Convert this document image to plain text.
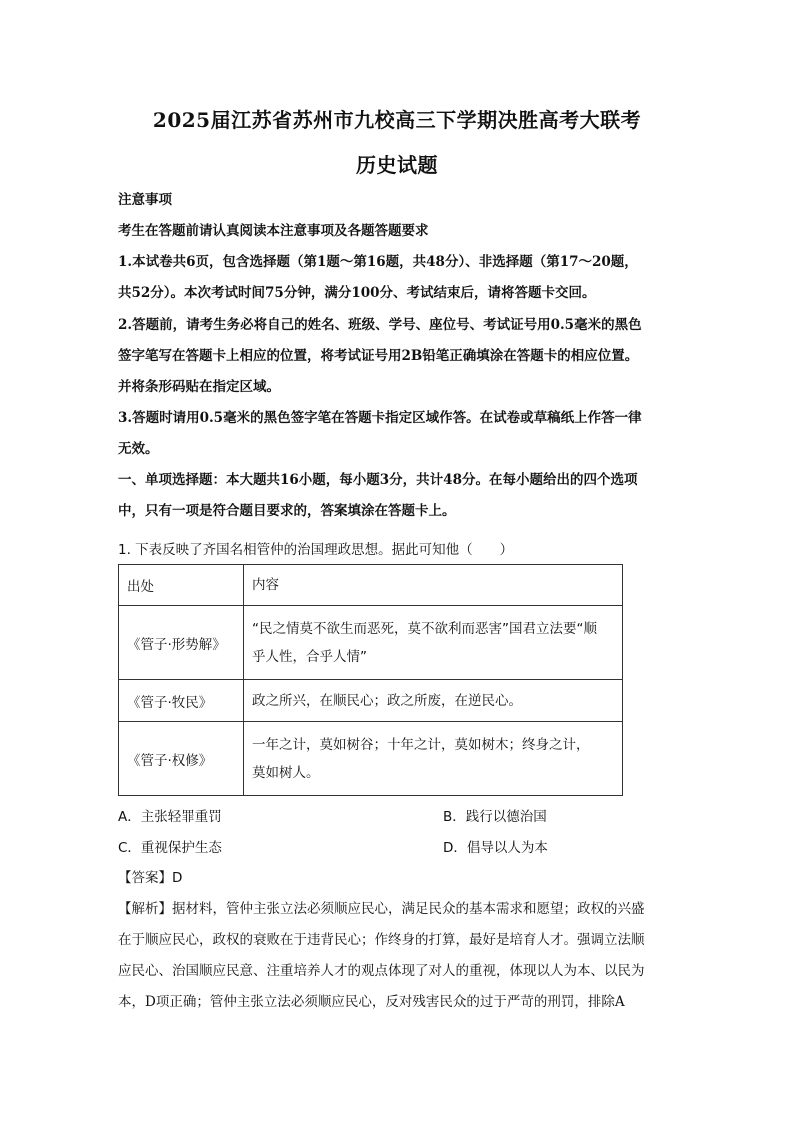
2025届江苏省苏州市九校高三下学期决胜高考大联考
历史试题
注意事项
考生在答题前请认真阅读本注意事项及各题答题要求
1.本试卷共6页，包含选择题（第1题～第16题，共48分）、非选择题（第17～20题，
共52分）。本次考试时间75分钟，满分100分、考试结束后，请将答题卡交回。
2.答题前，请考生务必将自己的姓名、班级、学号、座位号、考试证号用0.5毫米的黑色
签字笔写在答题卡上相应的位置，将考试证号用2B铅笔正确填涂在答题卡的相应位置。
并将条形码贴在指定区域。
3.答题时请用0.5毫米的黑色签字笔在答题卡指定区域作答。在试卷或草稿纸上作答一律
无效。
一、单项选择题：本大题共16小题，每小题3分，共计48分。在每小题给出的四个选项
中，只有一项是符合题目要求的，答案填涂在答题卡上。
1. 下表反映了齐国名相管仲的治国理政思想。据此可知他（　　）
出处	内容
《管子·形势解》	“民之情莫不欲生而恶死，莫不欲利而恶害”国君立法要“顺
乎人性，合乎人情”

《管子·牧民》	政之所兴，在顺民心；政之所废，在逆民心。
《管子·权修》	一年之计，莫如树谷；十年之计，莫如树木；终身之计，
莫如树人。
A．主张轻罪重罚	B．践行以德治国
C．重视保护生态	D．倡导以人为本
【答案】D
【解析】据材料，管仲主张立法必须顺应民心，满足民众的基本需求和愿望；政权的兴盛
在于顺应民心，政权的衰败在于违背民心；作终身的打算，最好是培育人才。强调立法顺
应民心、治国顺应民意、注重培养人才的观点体现了对人的重视，体现以人为本、以民为
本，D项正确；管仲主张立法必须顺应民心，反对残害民众的过于严苛的刑罚，排除A
